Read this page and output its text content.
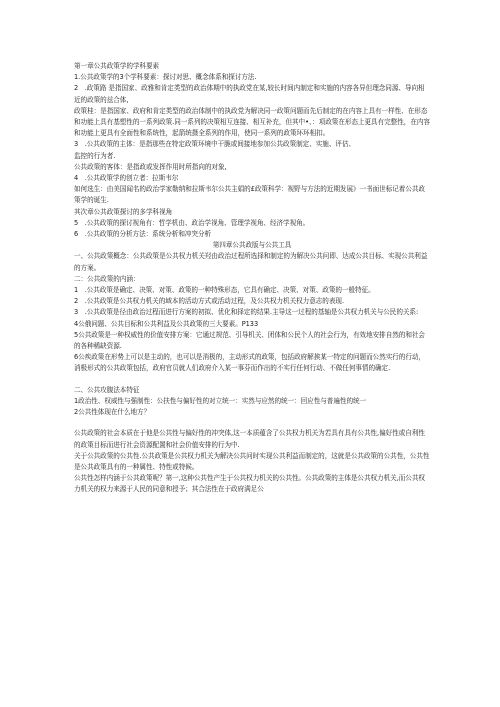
第一章公共政策学的学科要素

1.公共政策学的3个学科要素：探讨对思、概念体系和探讨方法.

2　.政策路 是指国家、政雅和肯定类型的政治体期中的执政党在某,较长时间内制定和实施的内容各异但理念同源、导向相近的政策的兹合体,

政策桂：是指国家、政府和肯定类型的政治体制中的执政党为解决同一政策问题而先后制定的在内容上具有一样性、在形态和功能上具有基塑性的一系列政策.同一系列的决策相互连接、相互补充，但其中•、：项政策在形态上更具有完整性，在内容和功能上更具有全面性和系统性，起箭统摄全系列的作用，使同一系列的政策环环相扣。

3　.公共政策的主体：是指那些在特定政策环境中干脆或间接地参加公共政策制定、实施、评估、

监控的行为者.

公共政策的客体：是指政或发挥作用时所指向的对象,

4　.公共政策学的创立者：拉斯韦尔

如何选生：由美国闻名的政治学家勒纳和拉斯韦尔公共主娟的£政策科学：视野与方法的近期发展》一书面世标记着公共政策学的诞生.

其次章公共政策探讨的多学科视角

5　.公共政策的探讨视角有：哲学机由、政治学视角、管理学视角、经济学视角。

6　.公共政策的分析方法：系统分析和冲突分析

第四章公共政版与公共工具

一、公共政策概念：公共政策是公共权力机关羟由政治过程所选择和制定的为解决公共问即、达成公共目标、实现公共利益的方案。

二：公共政策的内涵：

1　.公共政策是确定、决策、对策、政策的一种特殊形态，它具有确定、决策、对策、政策的一般特征。

2　.公共政策是公共权力机关的域本的活动方式或活动过程，及公共权力机关权力意志的表现.

3　.公共政策是径由政治过程而进行方案的初拟、优化和择定的结果.主导这一过程的基轴是公共权力机关与公民的关系:

4公俄问题、公共目标和公共利益及公共政策的三大要素。P133

5公共政策是一种权威性的价值安排方案：它通过规范、引导机关、团体和公民个人的社会行为，有效地安排自然的和社会的各种稀缺资源.

6公疾政策在形势上可以是主动的，也可以是消极的，主动形式的政策，包括政府解挨某一特定的问题而公然实行的行动，消极形式的公共政策包括，政府官员就人们政府介入某一事芬而作出的不实行任何行动、不做任何事情的确定.

二、公共攻腹法本特征

1政治性、权威性与强制性：公扶性与偏好性的对立统一：实然与应然的统一：回应性与普遍性的统一

2公共性体现在什么地方？

公共政策的社会本质在于他是公共性与偏好性的冲突体,这一本质蕴含了公共权力机关为若具有具有公共性,偏好性或自利性的政策目标而进行社会资源配置和社会价值安排的行为中.

关于公共政策的公共性.公共政策是公共权力机关为解决公共问时实现公共利益而制定的，这就是公共政策的公共性，公共性是公共政策具有的一种属性、特性或特候。

公共性怎样内涵于公共政策呢？第一,这种公共性产生于公共权力机关的公共性。公共政策的主体是公共权力机关,而公共权力机关的权力来源于人民的同意和授予；其合法性在于政府满足公
